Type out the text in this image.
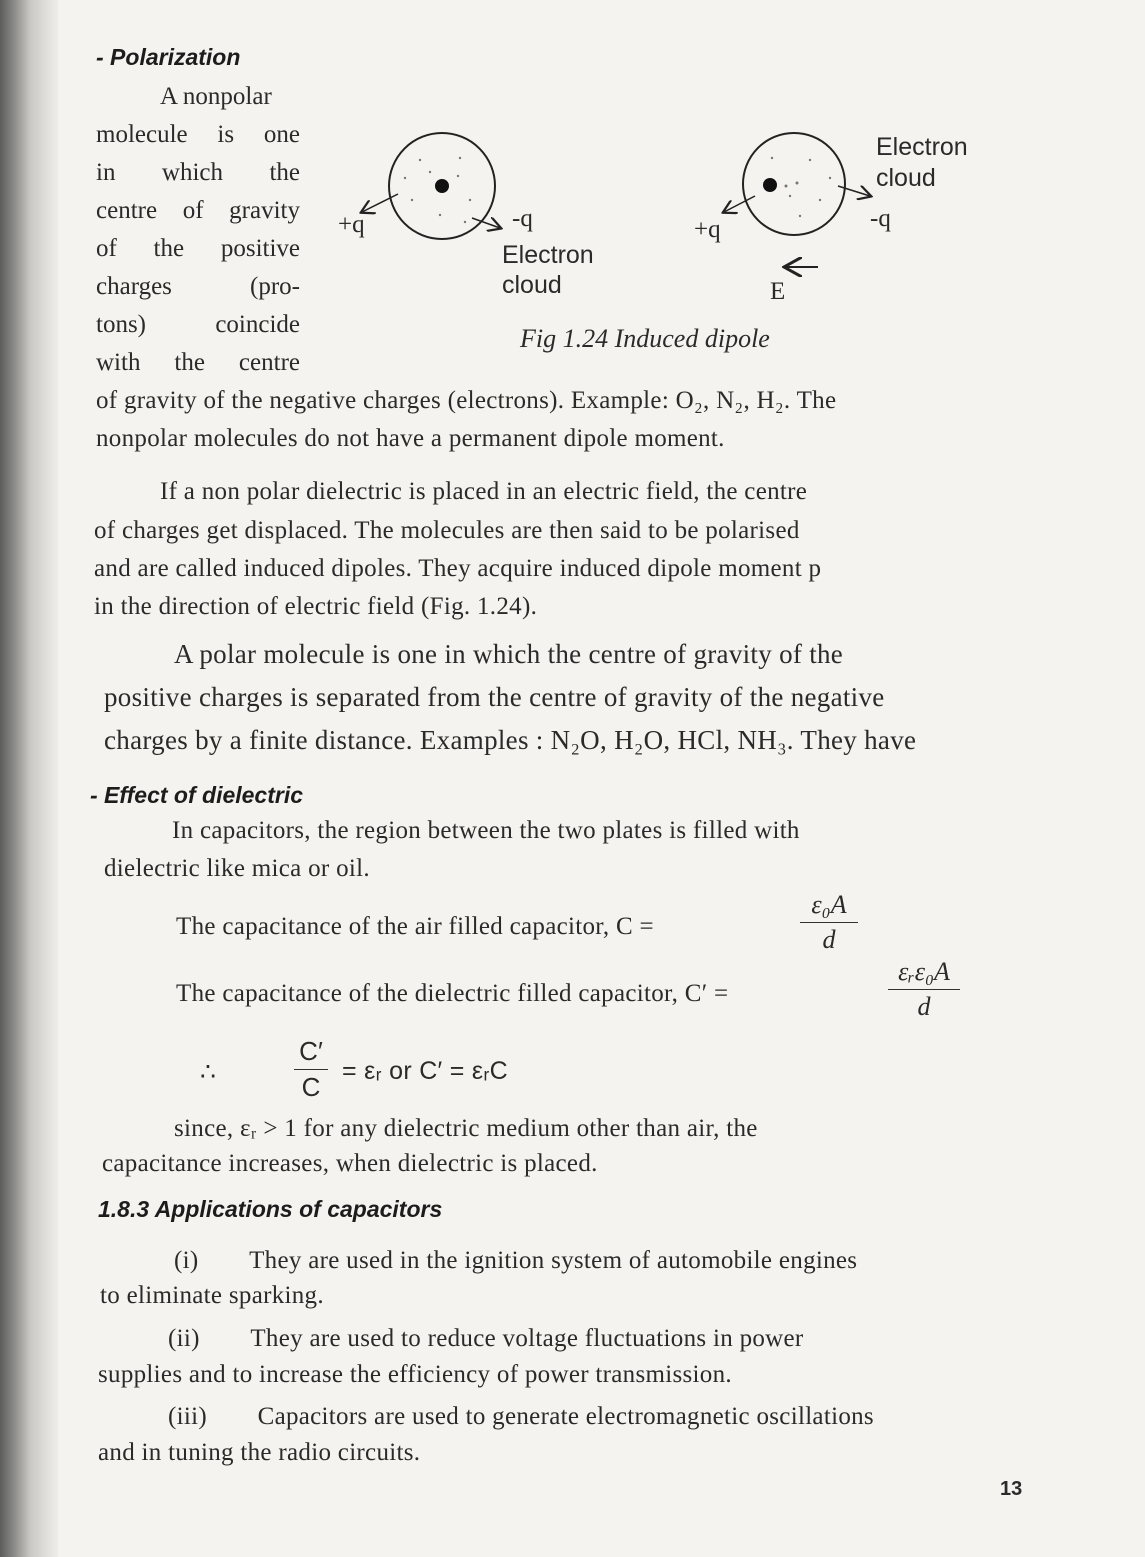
- Polarization
A nonpolar
molecule is one
in which the
centre of gravity
of the positive
charges (pro-
tons) coincide
with the centre
+q	-q
Electron
cloud
Electron
cloud
+q	-q
E
Fig 1.24 Induced dipole
of gravity of the negative charges (electrons). Example: O₂, N₂, H₂. The
nonpolar molecules do not have a permanent dipole moment.
If a non polar dielectric is placed in an electric field, the centre
of charges get displaced. The molecules are then said to be polarised
and are called induced dipoles. They acquire induced dipole moment p
in the direction of electric field (Fig. 1.24).
A polar molecule is one in which the centre of gravity of the
positive charges is separated from the centre of gravity of the negative
charges by a finite distance. Examples : N₂O, H₂O, HCl, NH₃. They have
- Effect of dielectric
In capacitors, the region between the two plates is filled with
dielectric like mica or oil.
The capacitance of the air filled capacitor, C =	$\frac{\text{ε₀A}}{d}$
The capacitance of the dielectric filled capacitor, C′ =
εᵣε₀A
d
∴	$\frac{C'}{C}$ = εᵣ or C′ = εᵣC
since, εᵣ > 1 for any dielectric medium other than air, the
capacitance increases, when dielectric is placed.
1.8.3 Applications of capacitors
(i)  They are used in the ignition system of automobile engines
to eliminate sparking.
(ii)  They are used to reduce voltage fluctuations in power
supplies and to increase the efficiency of power transmission.
(iii)  Capacitors are used to generate electromagnetic oscillations
and in tuning the radio circuits.
13
